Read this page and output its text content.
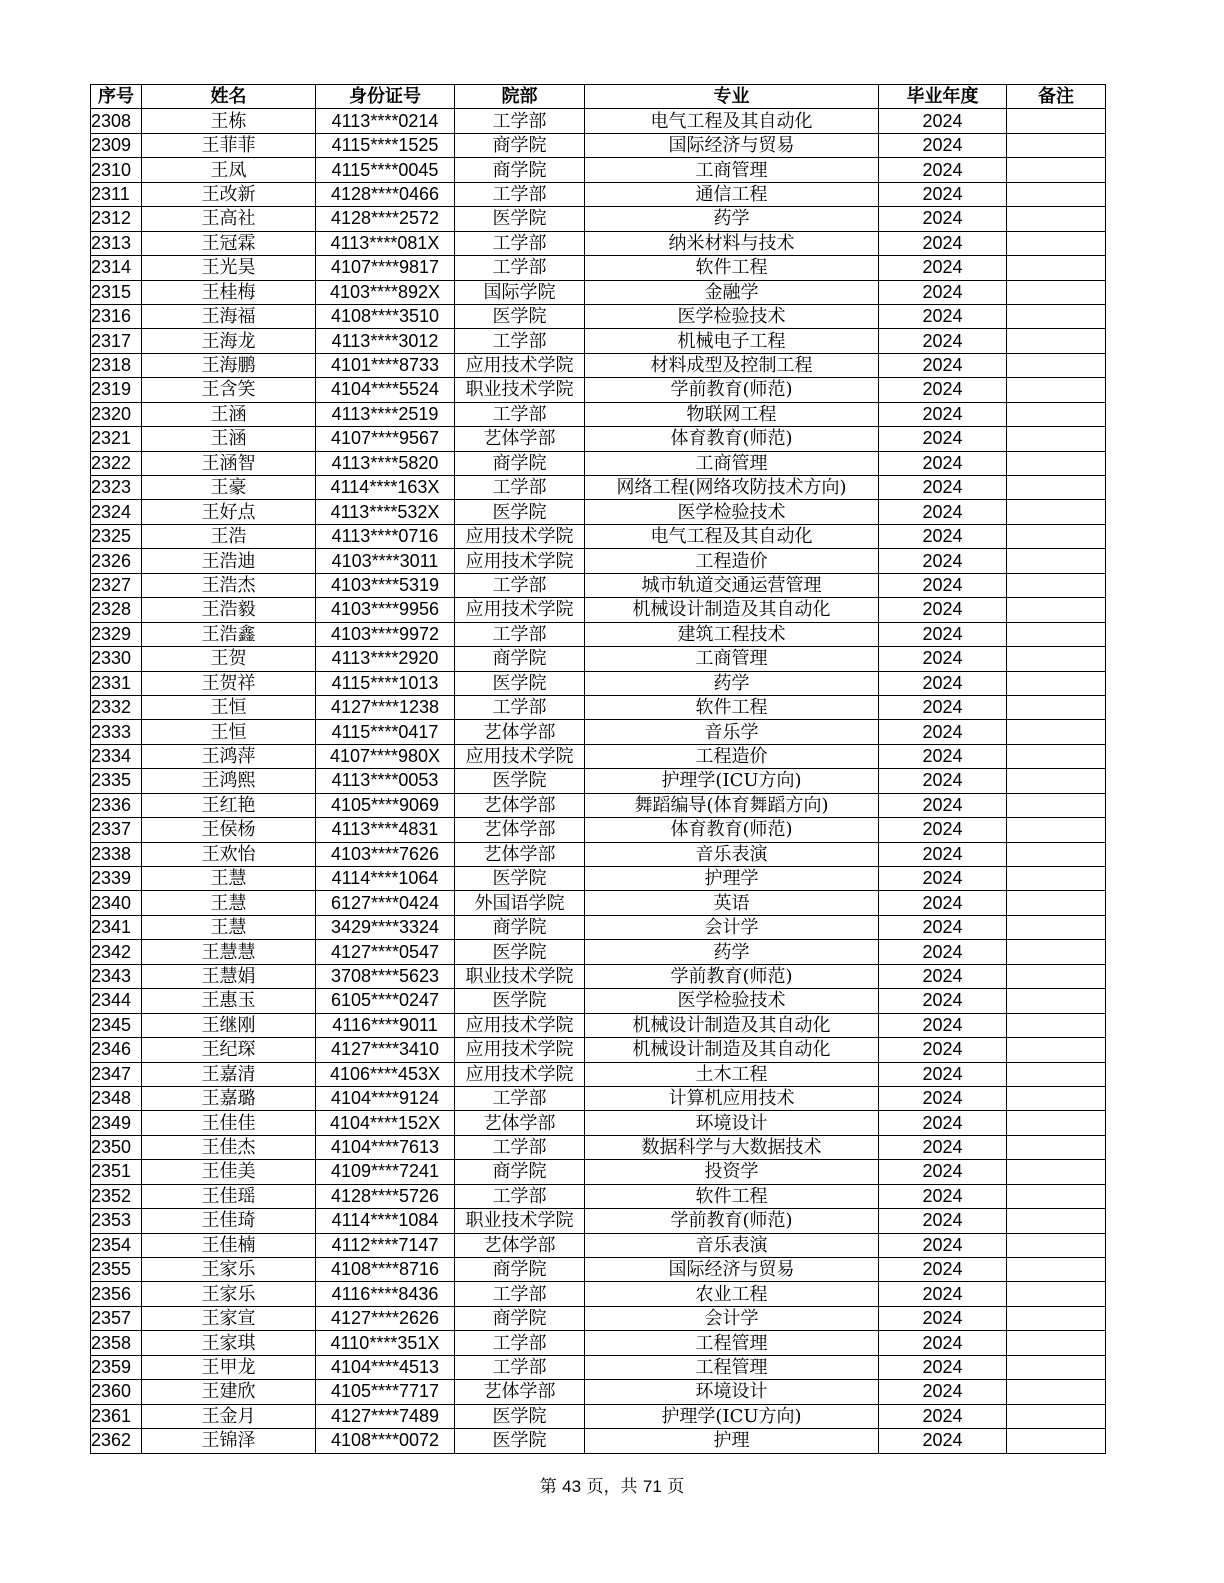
序号	姓名	身份证号	院部	专业	毕业年度	备注
2308	王栋	4113****0214	工学部	电气工程及其自动化	2024	
2309	王菲菲	4115****1525	商学院	国际经济与贸易	2024	
2310	王凤	4115****0045	商学院	工商管理	2024	
2311	王改新	4128****0466	工学部	通信工程	2024	
2312	王高社	4128****2572	医学院	药学	2024	
2313	王冠霖	4113****081X	工学部	纳米材料与技术	2024	
2314	王光昊	4107****9817	工学部	软件工程	2024	
2315	王桂梅	4103****892X	国际学院	金融学	2024	
2316	王海福	4108****3510	医学院	医学检验技术	2024	
2317	王海龙	4113****3012	工学部	机械电子工程	2024	
2318	王海鹏	4101****8733	应用技术学院	材料成型及控制工程	2024	
2319	王含笑	4104****5524	职业技术学院	学前教育(师范)	2024	
2320	王涵	4113****2519	工学部	物联网工程	2024	
2321	王涵	4107****9567	艺体学部	体育教育(师范)	2024	
2322	王涵智	4113****5820	商学院	工商管理	2024	
2323	王豪	4114****163X	工学部	网络工程(网络攻防技术方向)	2024	
2324	王好点	4113****532X	医学院	医学检验技术	2024	
2325	王浩	4113****0716	应用技术学院	电气工程及其自动化	2024	
2326	王浩迪	4103****3011	应用技术学院	工程造价	2024	
2327	王浩杰	4103****5319	工学部	城市轨道交通运营管理	2024	
2328	王浩毅	4103****9956	应用技术学院	机械设计制造及其自动化	2024	
2329	王浩鑫	4103****9972	工学部	建筑工程技术	2024	
2330	王贺	4113****2920	商学院	工商管理	2024	
2331	王贺祥	4115****1013	医学院	药学	2024	
2332	王恒	4127****1238	工学部	软件工程	2024	
2333	王恒	4115****0417	艺体学部	音乐学	2024	
2334	王鸿萍	4107****980X	应用技术学院	工程造价	2024	
2335	王鸿熙	4113****0053	医学院	护理学(ICU方向)	2024	
2336	王红艳	4105****9069	艺体学部	舞蹈编导(体育舞蹈方向)	2024	
2337	王侯杨	4113****4831	艺体学部	体育教育(师范)	2024	
2338	王欢怡	4103****7626	艺体学部	音乐表演	2024	
2339	王慧	4114****1064	医学院	护理学	2024	
2340	王慧	6127****0424	外国语学院	英语	2024	
2341	王慧	3429****3324	商学院	会计学	2024	
2342	王慧慧	4127****0547	医学院	药学	2024	
2343	王慧娟	3708****5623	职业技术学院	学前教育(师范)	2024	
2344	王惠玉	6105****0247	医学院	医学检验技术	2024	
2345	王继刚	4116****9011	应用技术学院	机械设计制造及其自动化	2024	
2346	王纪琛	4127****3410	应用技术学院	机械设计制造及其自动化	2024	
2347	王嘉清	4106****453X	应用技术学院	土木工程	2024	
2348	王嘉璐	4104****9124	工学部	计算机应用技术	2024	
2349	王佳佳	4104****152X	艺体学部	环境设计	2024	
2350	王佳杰	4104****7613	工学部	数据科学与大数据技术	2024	
2351	王佳美	4109****7241	商学院	投资学	2024	
2352	王佳瑶	4128****5726	工学部	软件工程	2024	
2353	王佳琦	4114****1084	职业技术学院	学前教育(师范)	2024	
2354	王佳楠	4112****7147	艺体学部	音乐表演	2024	
2355	王家乐	4108****8716	商学院	国际经济与贸易	2024	
2356	王家乐	4116****8436	工学部	农业工程	2024	
2357	王家宣	4127****2626	商学院	会计学	2024	
2358	王家琪	4110****351X	工学部	工程管理	2024	
2359	王甲龙	4104****4513	工学部	工程管理	2024	
2360	王建欣	4105****7717	艺体学部	环境设计	2024	
2361	王金月	4127****7489	医学院	护理学(ICU方向)	2024	
2362	王锦泽	4108****0072	医学院	护理	2024	
第 43 页，共 71 页
